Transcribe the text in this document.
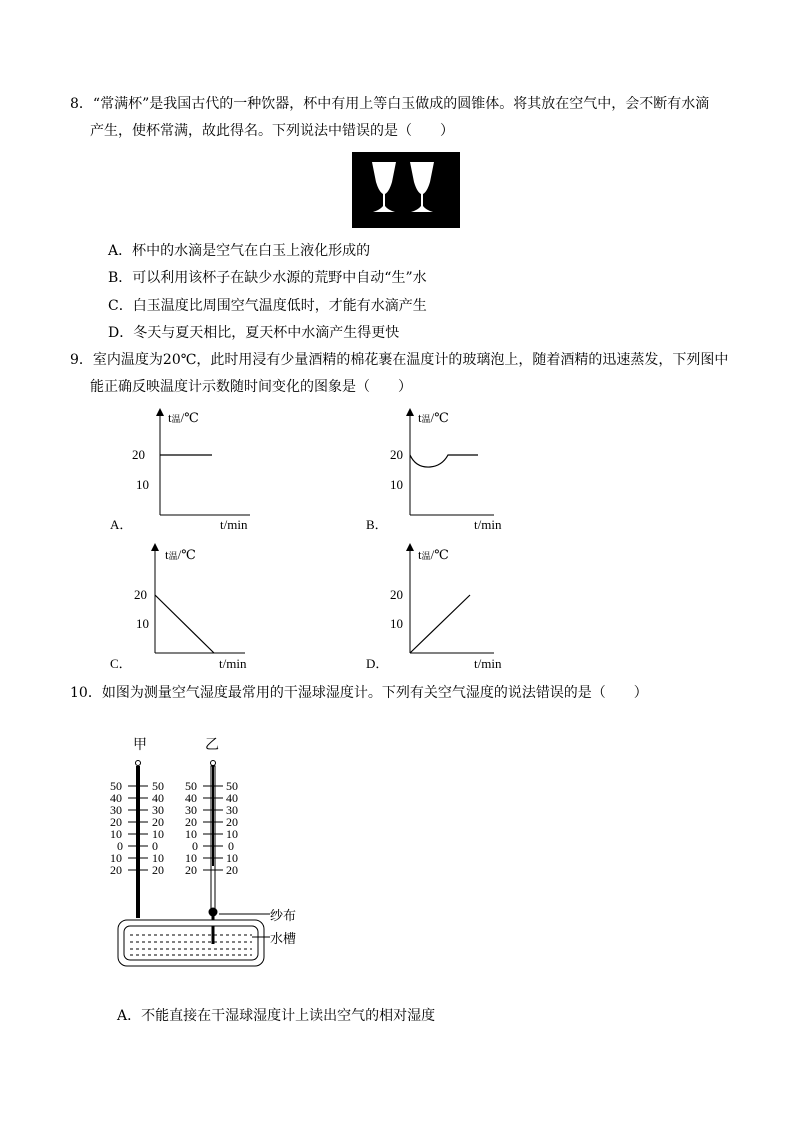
8．“常满杯”是我国古代的一种饮器，杯中有用上等白玉做成的圆锥体。将其放在空气中，会不断有水滴
产生，使杯常满，故此得名。下列说法中错误的是（　　）
A．杯中的水滴是空气在白玉上液化形成的
B．可以利用该杯子在缺少水源的荒野中自动“生”水
C．白玉温度比周围空气温度低时，才能有水滴产生
D．冬天与夏天相比，夏天杯中水滴产生得更快
9．室内温度为20℃，此时用浸有少量酒精的棉花裹在温度计的玻璃泡上，随着酒精的迅速蒸发，下列图中
能正确反映温度计示数随时间变化的图象是（　　）
t温/℃
20
10
t/min
A．
t温/℃
20
10
t/min
B．
t温/℃
20
10
t/min
C．
t温/℃
20
10
t/min
D．
10．如图为测量空气湿度最常用的干湿球湿度计。下列有关空气湿度的说法错误的是（　　）
甲	乙
50
40
30
20
10
0
10
20
50
40
30
20
10
0
10
20
50
40
30
20
10
0
10
20
50
40
30
20
10
0
10
20
纱布
水槽
A．不能直接在干湿球湿度计上读出空气的相对湿度
